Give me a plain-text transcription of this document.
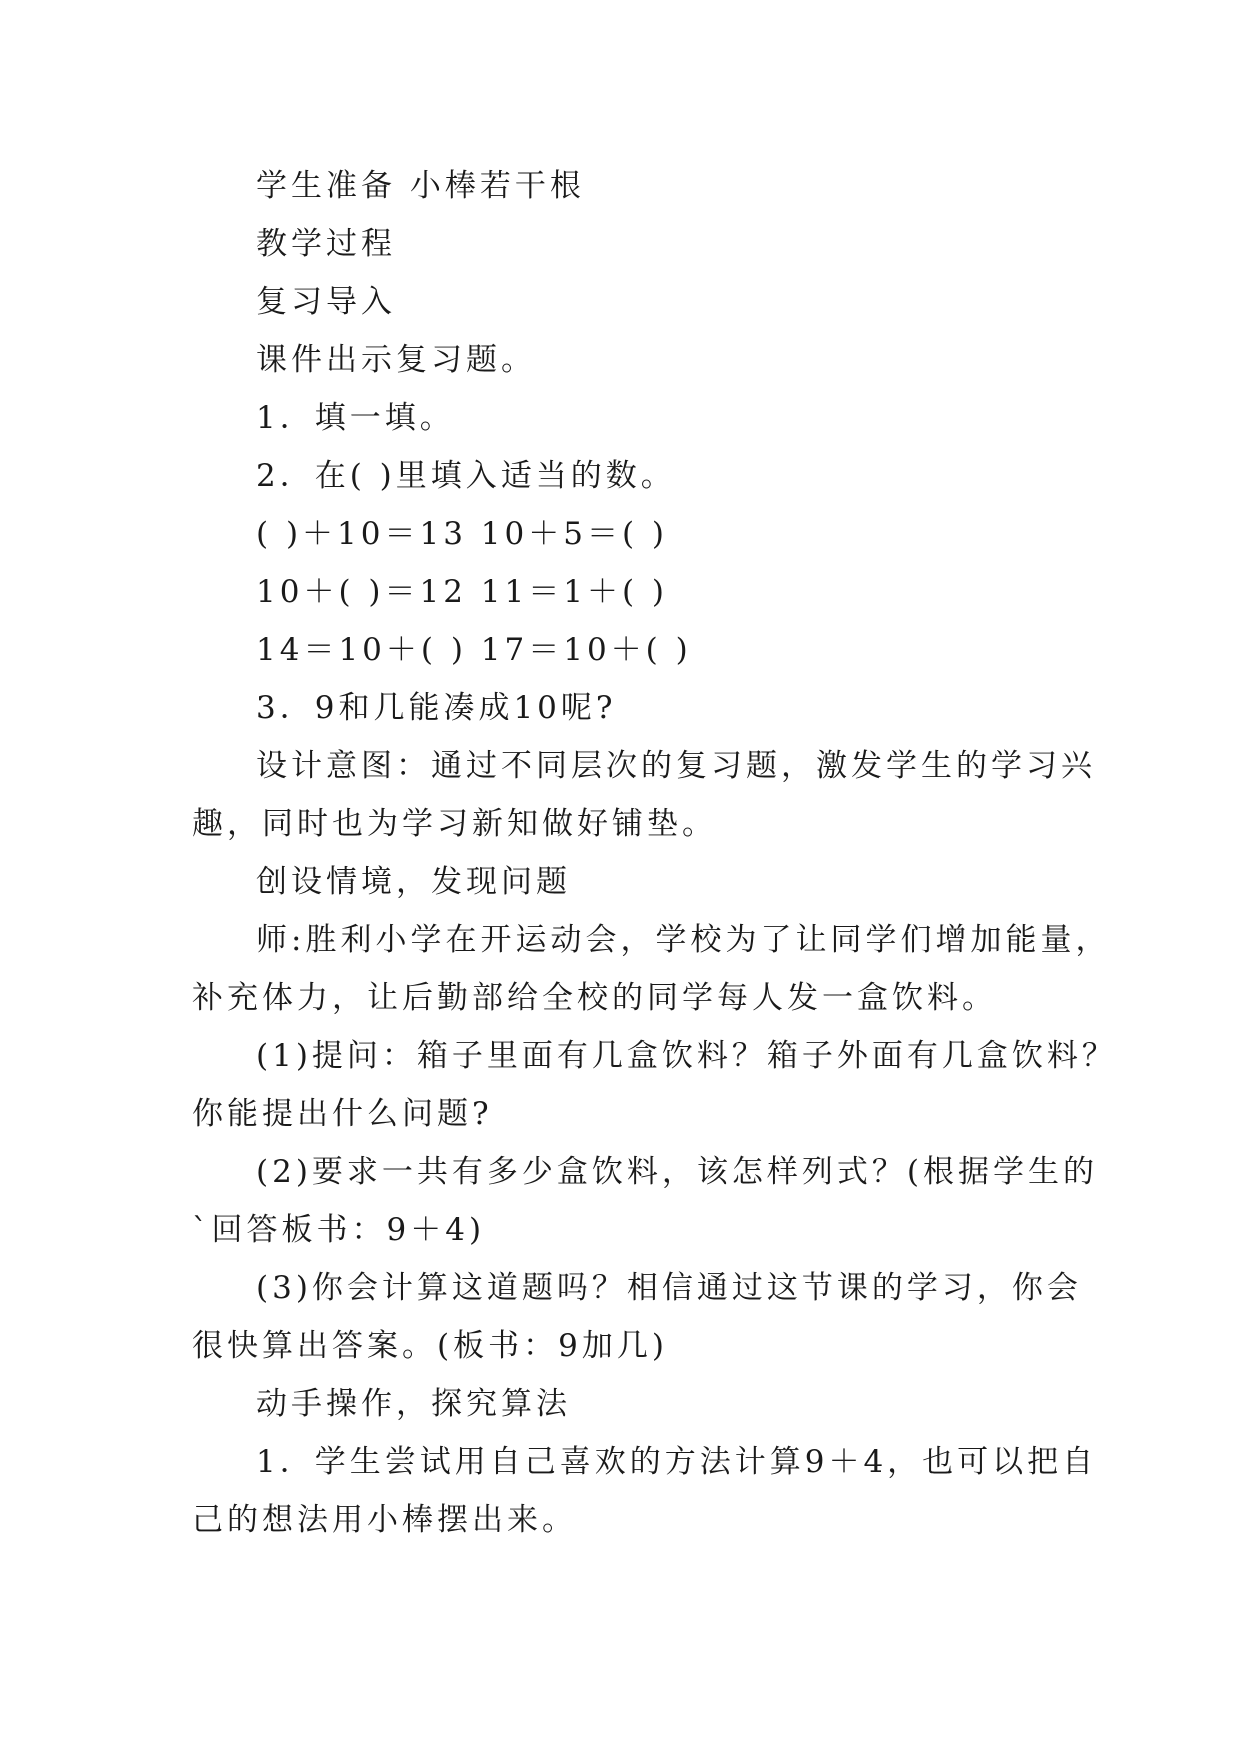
学生准备 小棒若干根
教学过程
复习导入
课件出示复习题。
1．填一填。
2．在( )里填入适当的数。
( )＋10＝13 10＋5＝( )
10＋( )＝12 11＝1＋( )
14＝10＋( ) 17＝10＋( )
3．9和几能凑成10呢?
设计意图：通过不同层次的复习题，激发学生的学习兴
趣，同时也为学习新知做好铺垫。
创设情境，发现问题
师:胜利小学在开运动会，学校为了让同学们增加能量，
补充体力，让后勤部给全校的同学每人发一盒饮料。
(1)提问：箱子里面有几盒饮料？箱子外面有几盒饮料？
你能提出什么问题?
(2)要求一共有多少盒饮料，该怎样列式？(根据学生的
`回答板书：9＋4)
(3)你会计算这道题吗？相信通过这节课的学习，你会
很快算出答案。(板书：9加几)
动手操作，探究算法
1．学生尝试用自己喜欢的方法计算9＋4，也可以把自
己的想法用小棒摆出来。
